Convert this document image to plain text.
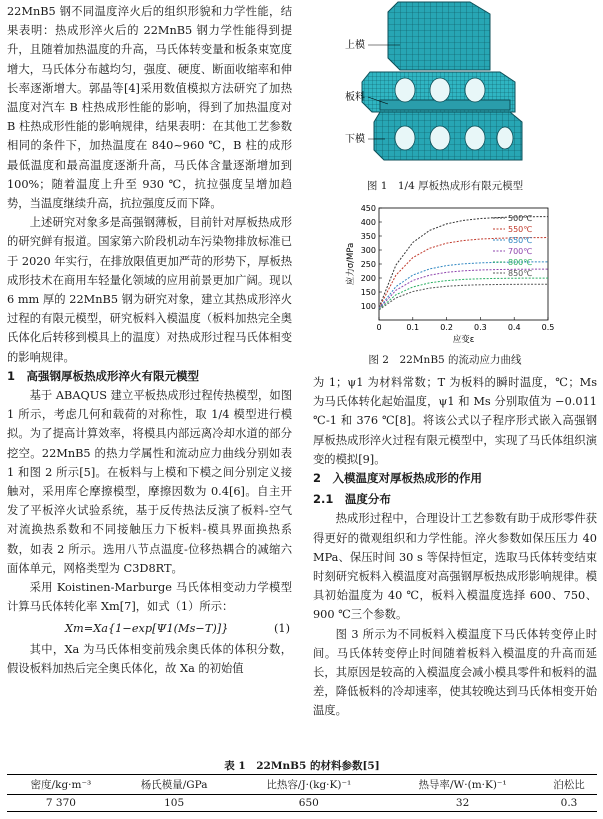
22MnB5 钢不同温度淬火后的组织形貌和力学性能，结果表明：热成形淬火后的 22MnB5 钢力学性能得到提升，且随着加热温度的升高，马氏体转变量和板条束宽度增大，马氏体分布越均匀，强度、硬度、断面收缩率和伸长率逐渐增大。郭晶等[4]采用数值模拟方法研究了加热温度对汽车 B 柱热成形性能的影响，得到了加热温度对 B 柱热成形性能的影响规律，结果表明：在其他工艺参数相同的条件下，加热温度在 840~960 ℃，B 柱的成形最低温度和最高温度逐渐升高，马氏体含量逐渐增加到 100%；随着温度上升至 930 ℃，抗拉强度呈增加趋势，当温度继续升高，抗拉强度反而下降。

上述研究对象多是高强钢薄板，目前针对厚板热成形的研究鲜有报道。国家第六阶段机动车污染物排放标准已于 2020 年实行，在排放限值更加严苛的形势下，厚板热成形技术在商用车轻量化领域的应用前景更加广阔。现以 6 mm 厚的 22MnB5 钢为研究对象，建立其热成形淬火过程的有限元模型，研究板料入模温度（板料加热完全奥氏体化后转移到模具上的温度）对热成形过程马氏体相变的影响规律。

1　高强钢厚板热成形淬火有限元模型

基于 ABAQUS 建立平板热成形过程传热模型，如图 1 所示，考虑几何和载荷的对称性，取 1/4 模型进行模拟。为了提高计算效率，将模具内部远离冷却水道的部分挖空。22MnB5 的热力学属性和流动应力曲线分别如表 1 和图 2 所示[5]。在板料与上模和下模之间分别定义接触对，采用库仑摩擦模型，摩擦因数为 0.4[6]。自主开发了平板淬火试验系统，基于反传热法反演了板料-空气对流换热系数和不同接触压力下板料-模具界面换热系数，如表 2 所示。选用八节点温度-位移热耦合的减缩六面体单元，网格类型为 C3D8RT。

采用 Koistinen-Marburge 马氏体相变动力学模型计算马氏体转化率 Xm[7]，如式（1）所示：

Xm=Xa{1−exp[Ψ1(Ms−T)]}	(1)

其中，Xa 为马氏体相变前残余奥氏体的体积分数，假设板料加热后完全奥氏体化，故 Xa 的初始值

上模
板料
下模
图 1　1/4 厚板热成形有限元模型
0	0.1	0.2	0.3	0.4	0.5
100
150
200
250
300
350
400
450
应变ε
应力σ/MPa
500℃
550℃
650℃
700℃
800℃
850℃
图 2　22MnB5 的流动应力曲线

为 1；ψ1 为材料常数；T 为板料的瞬时温度，℃；Ms 为马氏体转化起始温度，ψ1 和 Ms 分别取值为 −0.011 ℃-1 和 376 ℃[8]。将该公式以子程序形式嵌入高强钢厚板热成形淬火过程有限元模型中，实现了马氏体组织演变的模拟[9]。

2　入模温度对厚板热成形的作用

2.1　温度分布

热成形过程中，合理设计工艺参数有助于成形零件获得更好的微观组织和力学性能。淬火参数如保压压力 40 MPa、保压时间 30 s 等保持恒定，选取马氏体转变结束时刻研究板料入模温度对高强钢厚板热成形影响规律。模具初始温度为 40 ℃，板料入模温度选择 600、750、900 ℃三个参数。

图 3 所示为不同板料入模温度下马氏体转变停止时间。马氏体转变停止时间随着板料入模温度的升高而延长，其原因是较高的入模温度会减小模具零件和板料的温差，降低板料的冷却速率，使其较晚达到马氏体相变开始温度。

表 1　22MnB5 的材料参数[5]
密度/kg·m⁻³	杨氏模量/GPa	比热容/J·(kg·K)⁻¹	热导率/W·(m·K)⁻¹	泊松比
7 370	105	650	32	0.3
